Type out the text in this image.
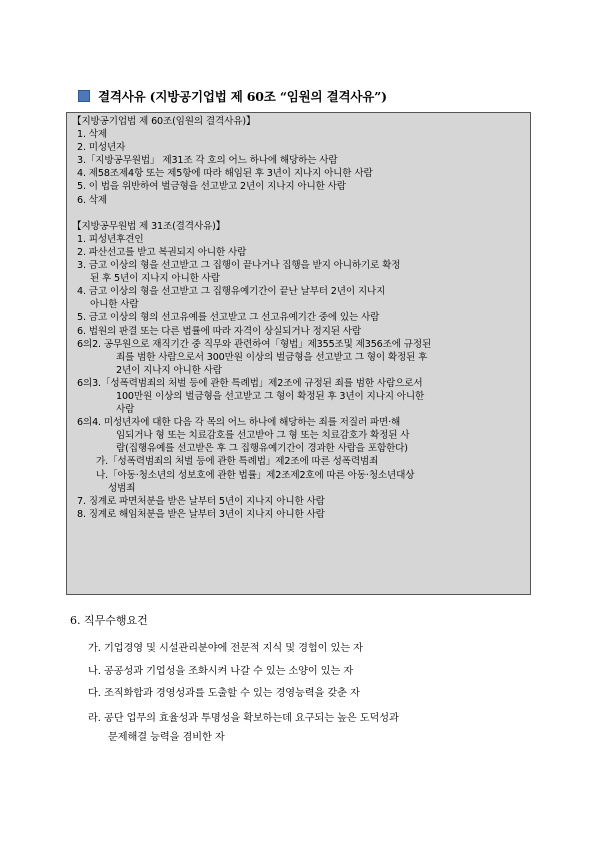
결격사유 (지방공기업법 제 60조 “임원의 결격사유”)
【지방공기업법 제 60조(임원의 결격사유)】
1. 삭제
2. 미성년자
3.「지방공무원법」 제31조 각 호의 어느 하나에 해당하는 사람
4. 제58조제4항 또는 제5항에 따라 해임된 후 3년이 지나지 아니한 사람
5. 이 법을 위반하여 벌금형을 선고받고 2년이 지나지 아니한 사람
6. 삭제
【지방공무원법 제 31조(결격사유)】
1. 피성년후견인
2. 파산선고를 받고 복권되지 아니한 사람
3. 금고 이상의 형을 선고받고 그 집행이 끝나거나 집행을 받지 아니하기로 확정
된 후 5년이 지나지 아니한 사람
4. 금고 이상의 형을 선고받고 그 집행유예기간이 끝난 날부터 2년이 지나지
아니한 사람
5. 금고 이상의 형의 선고유예를 선고받고 그 선고유예기간 중에 있는 사람
6. 법원의 판결 또는 다른 법률에 따라 자격이 상실되거나 정지된 사람
6의2. 공무원으로 재직기간 중 직무와 관련하여「형법」제355조및 제356조에 규정된
죄를 범한 사람으로서 300만원 이상의 벌금형을 선고받고 그 형이 확정된 후
2년이 지나지 아니한 사람
6의3.「성폭력범죄의 처벌 등에 관한 특례법」제2조에 규정된 죄를 범한 사람으로서
100만원 이상의 벌금형을 선고받고 그 형이 확정된 후 3년이 지나지 아니한
사람
6의4. 미성년자에 대한 다음 각 목의 어느 하나에 해당하는 죄를 저질러 파면·해
임되거나 형 또는 치료감호를 선고받아 그 형 또는 치료감호가 확정된 사
람(집행유예를 선고받은 후 그 집행유예기간이 경과한 사람을 포함한다)
가.「성폭력범죄의 처벌 등에 관한 특례법」제2조에 따른 성폭력범죄
나.「아동·청소년의 성보호에 관한 법률」제2조제2호에 따른 아동·청소년대상
성범죄
7. 징계로 파면처분을 받은 날부터 5년이 지나지 아니한 사람
8. 징계로 해임처분을 받은 날부터 3년이 지나지 아니한 사람
6. 직무수행요건
가. 기업경영 및 시설관리분야에 전문적 지식 및 경험이 있는 자
나. 공공성과 기업성을 조화시켜 나갈 수 있는 소양이 있는 자
다. 조직화합과 경영성과를 도출할 수 있는 경영능력을 갖춘 자
라. 공단 업무의 효율성과 투명성을 확보하는데 요구되는 높은 도덕성과
문제해결 능력을 겸비한 자
